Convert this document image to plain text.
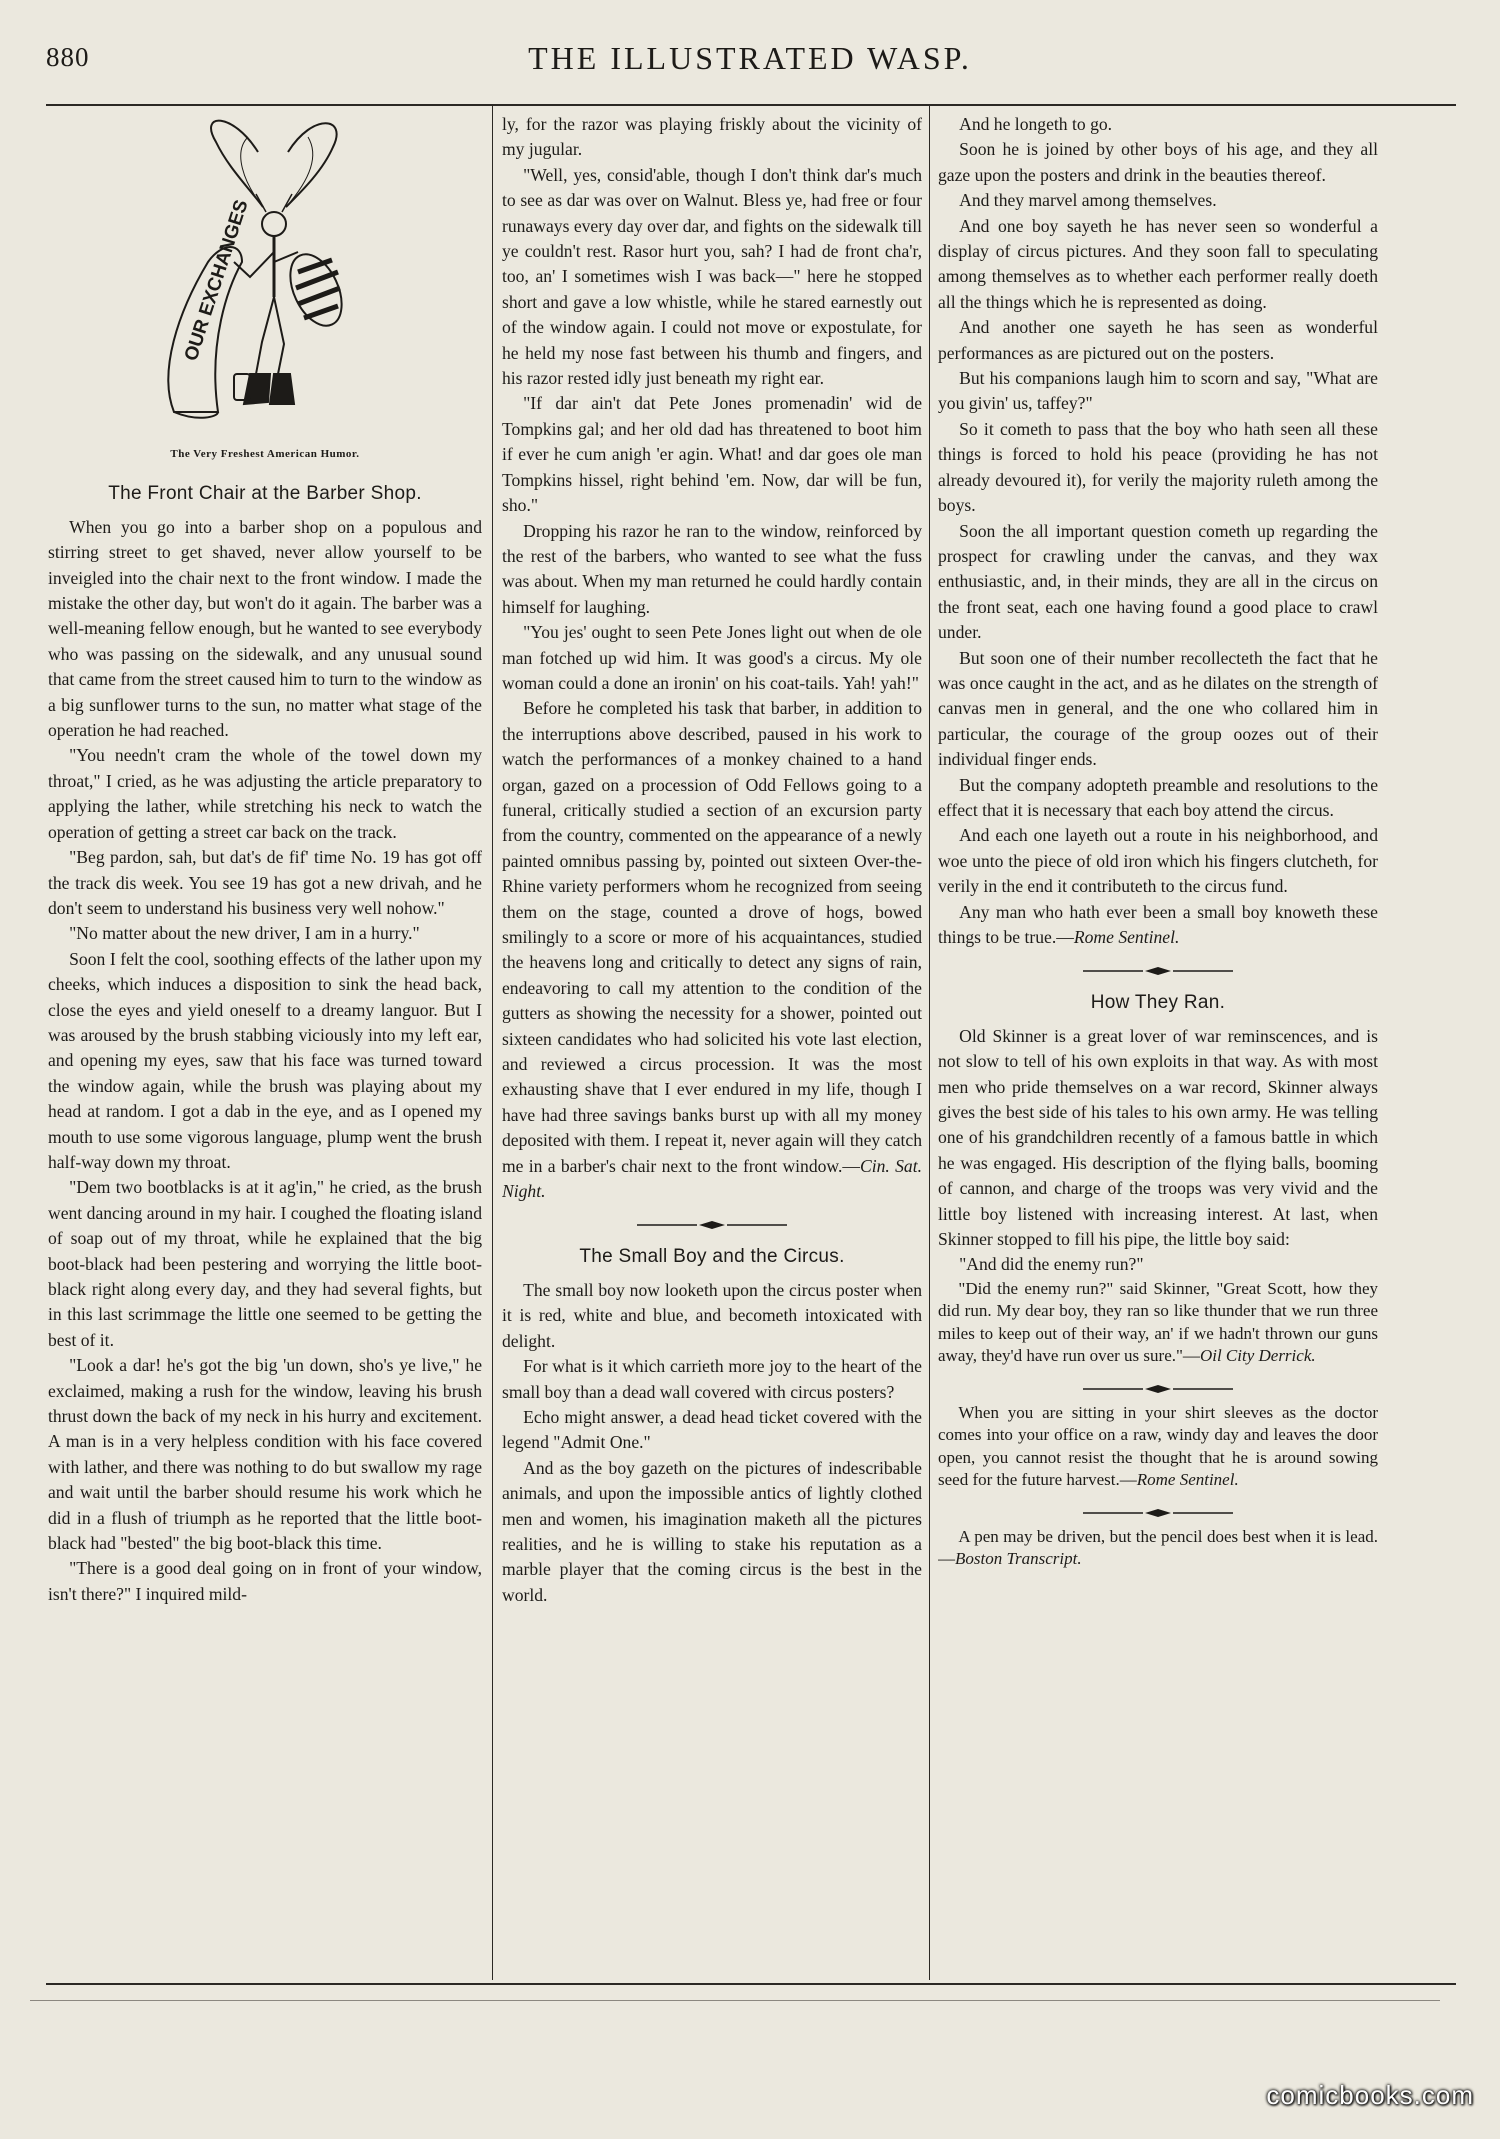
880	THE ILLUSTRATED WASP.
OUR EXCHANGES
The Very Freshest American Humor.
The Front Chair at the Barber Shop.

When you go into a barber shop on a populous and stirring street to get shaved, never allow yourself to be inveigled into the chair next to the front window. I made the mistake the other day, but won't do it again. The barber was a well-meaning fellow enough, but he wanted to see everybody who was passing on the sidewalk, and any unusual sound that came from the street caused him to turn to the window as a big sunflower turns to the sun, no matter what stage of the operation he had reached.

"You needn't cram the whole of the towel down my throat," I cried, as he was adjusting the article preparatory to applying the lather, while stretching his neck to watch the operation of getting a street car back on the track.

"Beg pardon, sah, but dat's de fif' time No. 19 has got off the track dis week. You see 19 has got a new drivah, and he don't seem to understand his business very well nohow."

"No matter about the new driver, I am in a hurry."

Soon I felt the cool, soothing effects of the lather upon my cheeks, which induces a disposition to sink the head back, close the eyes and yield oneself to a dreamy languor. But I was aroused by the brush stabbing viciously into my left ear, and opening my eyes, saw that his face was turned toward the window again, while the brush was playing about my head at random. I got a dab in the eye, and as I opened my mouth to use some vigorous language, plump went the brush half-way down my throat.

"Dem two bootblacks is at it ag'in," he cried, as the brush went dancing around in my hair. I coughed the floating island of soap out of my throat, while he explained that the big boot-black had been pestering and worrying the little boot-black right along every day, and they had several fights, but in this last scrimmage the little one seemed to be getting the best of it.

"Look a dar! he's got the big 'un down, sho's ye live," he exclaimed, making a rush for the window, leaving his brush thrust down the back of my neck in his hurry and excitement. A man is in a very helpless condition with his face covered with lather, and there was nothing to do but swallow my rage and wait until the barber should resume his work which he did in a flush of triumph as he reported that the little boot-black had "bested" the big boot-black this time.

"There is a good deal going on in front of your window, isn't there?" I inquired mild-

ly, for the razor was playing friskly about the vicinity of my jugular.

"Well, yes, consid'able, though I don't think dar's much to see as dar was over on Walnut. Bless ye, had free or four runaways every day over dar, and fights on the sidewalk till ye couldn't rest. Rasor hurt you, sah? I had de front cha'r, too, an' I sometimes wish I was back—" here he stopped short and gave a low whistle, while he stared earnestly out of the window again. I could not move or expostulate, for he held my nose fast between his thumb and fingers, and his razor rested idly just beneath my right ear.

"If dar ain't dat Pete Jones promenadin' wid de Tompkins gal; and her old dad has threatened to boot him if ever he cum anigh 'er agin. What! and dar goes ole man Tompkins hissel, right behind 'em. Now, dar will be fun, sho."

Dropping his razor he ran to the window, reinforced by the rest of the barbers, who wanted to see what the fuss was about. When my man returned he could hardly contain himself for laughing.

"You jes' ought to seen Pete Jones light out when de ole man fotched up wid him. It was good's a circus. My ole woman could a done an ironin' on his coat-tails. Yah! yah!"

Before he completed his task that barber, in addition to the interruptions above described, paused in his work to watch the performances of a monkey chained to a hand organ, gazed on a procession of Odd Fellows going to a funeral, critically studied a section of an excursion party from the country, commented on the appearance of a newly painted omnibus passing by, pointed out sixteen Over-the-Rhine variety performers whom he recognized from seeing them on the stage, counted a drove of hogs, bowed smilingly to a score or more of his acquaintances, studied the heavens long and critically to detect any signs of rain, endeavoring to call my attention to the condition of the gutters as showing the necessity for a shower, pointed out sixteen candidates who had solicited his vote last election, and reviewed a circus procession. It was the most exhausting shave that I ever endured in my life, though I have had three savings banks burst up with all my money deposited with them. I repeat it, never again will they catch me in a barber's chair next to the front window.—Cin. Sat. Night.

The Small Boy and the Circus.

The small boy now looketh upon the circus poster when it is red, white and blue, and becometh intoxicated with delight.

For what is it which carrieth more joy to the heart of the small boy than a dead wall covered with circus posters?

Echo might answer, a dead head ticket covered with the legend "Admit One."

And as the boy gazeth on the pictures of indescribable animals, and upon the impossible antics of lightly clothed men and women, his imagination maketh all the pictures realities, and he is willing to stake his reputation as a marble player that the coming circus is the best in the world.

And he longeth to go.

Soon he is joined by other boys of his age, and they all gaze upon the posters and drink in the beauties thereof.

And they marvel among themselves.

And one boy sayeth he has never seen so wonderful a display of circus pictures. And they soon fall to speculating among themselves as to whether each performer really doeth all the things which he is represented as doing.

And another one sayeth he has seen as wonderful performances as are pictured out on the posters.

But his companions laugh him to scorn and say, "What are you givin' us, taffey?"

So it cometh to pass that the boy who hath seen all these things is forced to hold his peace (providing he has not already devoured it), for verily the majority ruleth among the boys.

Soon the all important question cometh up regarding the prospect for crawling under the canvas, and they wax enthusiastic, and, in their minds, they are all in the circus on the front seat, each one having found a good place to crawl under.

But soon one of their number recollecteth the fact that he was once caught in the act, and as he dilates on the strength of canvas men in general, and the one who collared him in particular, the courage of the group oozes out of their individual finger ends.

But the company adopteth preamble and resolutions to the effect that it is necessary that each boy attend the circus.

And each one layeth out a route in his neighborhood, and woe unto the piece of old iron which his fingers clutcheth, for verily in the end it contributeth to the circus fund.

Any man who hath ever been a small boy knoweth these things to be true.—Rome Sentinel.

How They Ran.

Old Skinner is a great lover of war reminscences, and is not slow to tell of his own exploits in that way. As with most men who pride themselves on a war record, Skinner always gives the best side of his tales to his own army. He was telling one of his grandchildren recently of a famous battle in which he was engaged. His description of the flying balls, booming of cannon, and charge of the troops was very vivid and the little boy listened with increasing interest. At last, when Skinner stopped to fill his pipe, the little boy said:

"And did the enemy run?"

"Did the enemy run?" said Skinner, "Great Scott, how they did run. My dear boy, they ran so like thunder that we run three miles to keep out of their way, an' if we hadn't thrown our guns away, they'd have run over us sure."—Oil City Derrick.

When you are sitting in your shirt sleeves as the doctor comes into your office on a raw, windy day and leaves the door open, you cannot resist the thought that he is around sowing seed for the future harvest.—Rome Sentinel.

A pen may be driven, but the pencil does best when it is lead.—Boston Transcript.

comicbooks.com
